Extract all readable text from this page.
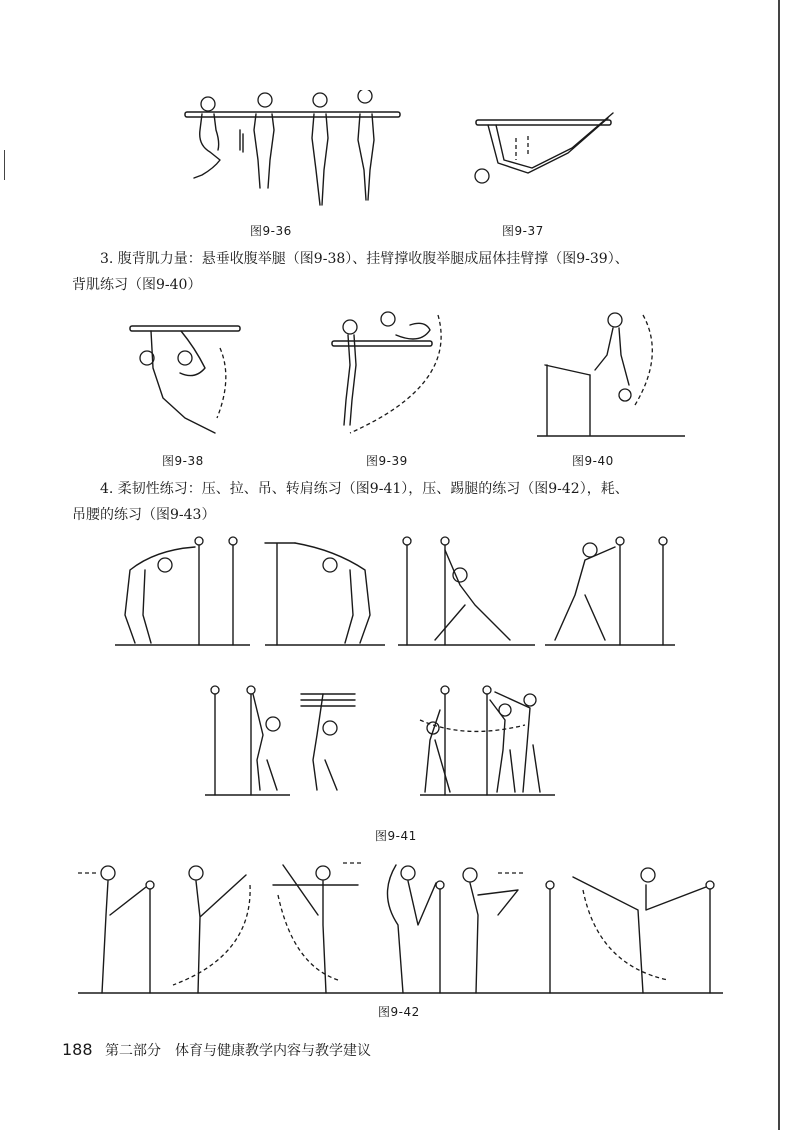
图9-36	图9-37
3. 腹背肌力量：悬垂收腹举腿（图9-38）、挂臂撑收腹举腿成屈体挂臂撑（图9-39）、
背肌练习（图9-40）
图9-38	图9-39	图9-40
4. 柔韧性练习：压、拉、吊、转肩练习（图9-41），压、踢腿的练习（图9-42），耗、
吊腰的练习（图9-43）
图9-41
图9-42
188 第二部分　体育与健康教学内容与教学建议
